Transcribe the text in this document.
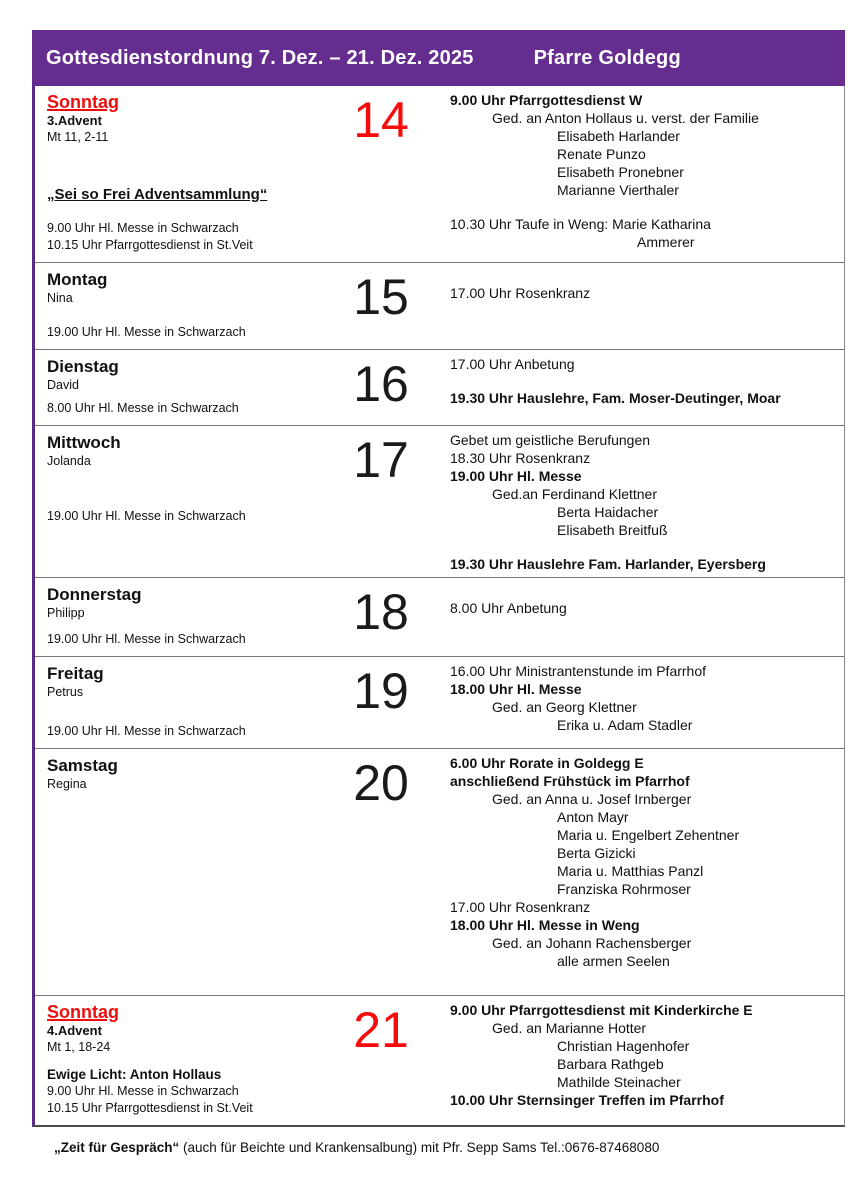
Gottesdienstordnung 7. Dez. – 21. Dez. 2025	Pfarre Goldegg
Sonntag
3.Advent
Mt 11, 2-11
„Sei so Frei Adventsammlung“
9.00 Uhr Hl. Messe in Schwarzach
10.15 Uhr Pfarrgottesdienst in St.Veit
14	9.00 Uhr Pfarrgottesdienst W
Ged. an Anton Hollaus u. verst. der Familie
Elisabeth Harlander
Renate Punzo
Elisabeth Pronebner
Marianne Vierthaler
10.30 Uhr Taufe in Weng: Marie Katharina
Ammerer
Montag
Nina
19.00 Uhr Hl. Messe in Schwarzach
15	17.00 Uhr Rosenkranz
Dienstag
David
8.00 Uhr Hl. Messe in Schwarzach	16	17.00 Uhr Anbetung
19.30 Uhr Hauslehre, Fam. Moser-Deutinger, Moar
Mittwoch
Jolanda
19.00 Uhr Hl. Messe in Schwarzach
17	Gebet um geistliche Berufungen
18.30 Uhr Rosenkranz
19.00 Uhr Hl. Messe
Ged.an Ferdinand Klettner
Berta Haidacher
Elisabeth Breitfuß
19.30 Uhr Hauslehre Fam. Harlander, Eyersberg
Donnerstag
Philipp
19.00 Uhr Hl. Messe in Schwarzach	18	8.00 Uhr Anbetung
Freitag
Petrus
19.00 Uhr Hl. Messe in Schwarzach
19	16.00 Uhr Ministrantenstunde im Pfarrhof
18.00 Uhr Hl. Messe
Ged. an Georg Klettner
Erika u. Adam Stadler
Samstag
Regina	20	6.00 Uhr Rorate in Goldegg E
anschließend Frühstück im Pfarrhof
Ged. an Anna u. Josef Irnberger
Anton Mayr
Maria u. Engelbert Zehentner
Berta Gizicki
Maria u. Matthias Panzl
Franziska Rohrmoser
17.00 Uhr Rosenkranz
18.00 Uhr Hl. Messe in Weng
Ged. an Johann Rachensberger
alle armen Seelen
Sonntag
4.Advent
Mt 1, 18-24
Ewige Licht: Anton Hollaus
9.00 Uhr Hl. Messe in Schwarzach
10.15 Uhr Pfarrgottesdienst in St.Veit
21	9.00 Uhr Pfarrgottesdienst mit Kinderkirche E
Ged. an Marianne Hotter
Christian Hagenhofer
Barbara Rathgeb
Mathilde Steinacher
10.00 Uhr Sternsinger Treffen im Pfarrhof
„Zeit für Gespräch“ (auch für Beichte und Krankensalbung) mit Pfr. Sepp Sams Tel.:0676-87468080
